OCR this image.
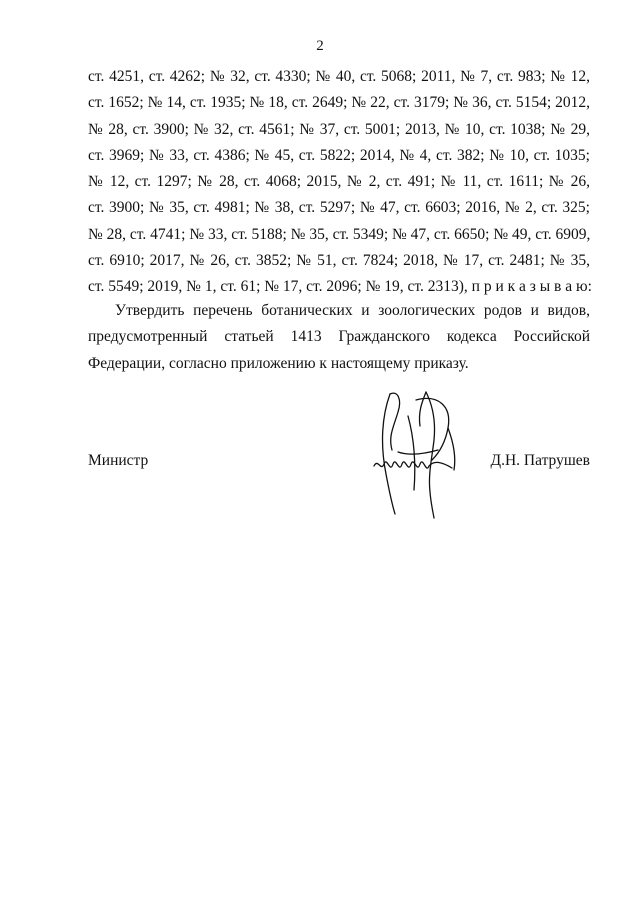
2
ст. 4251, ст. 4262; № 32, ст. 4330; № 40, ст. 5068; 2011, № 7, ст. 983; № 12,
ст. 1652; № 14, ст. 1935; № 18, ст. 2649; № 22, ст. 3179; № 36, ст. 5154; 2012,
№ 28, ст. 3900; № 32, ст. 4561; № 37, ст. 5001; 2013, № 10, ст. 1038; № 29,
ст. 3969; № 33, ст. 4386; № 45, ст. 5822; 2014, № 4, ст. 382; № 10, ст. 1035;
№ 12, ст. 1297; № 28, ст. 4068; 2015, № 2, ст. 491; № 11, ст. 1611; № 26,
ст. 3900; № 35, ст. 4981; № 38, ст. 5297; № 47, ст. 6603; 2016, № 2, ст. 325;
№ 28, ст. 4741; № 33, ст. 5188; № 35, ст. 5349; № 47, ст. 6650; № 49, ст. 6909,
ст. 6910; 2017, № 26, ст. 3852; № 51, ст. 7824; 2018, № 17, ст. 2481; № 35,
ст. 5549; 2019, № 1, ст. 61; № 17, ст. 2096; № 19, ст. 2313), п р и к а з ы в а ю:
Утвердить перечень ботанических и зоологических родов и видов,
предусмотренный статьей 1413 Гражданского кодекса Российской
Федерации, согласно приложению к настоящему приказу.
Министр	Д.Н. Патрушев
